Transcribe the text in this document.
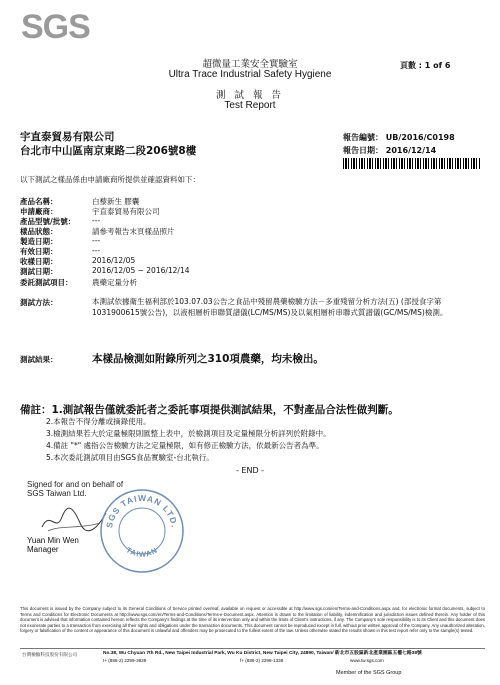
SGS
超微量工業安全實驗室
Ultra Trace Industrial Safety Hygiene
測 試 報 告
Test Report
頁數 : 1 of 6
宇直泰貿易有限公司
台北市中山區南京東路二段206號8樓
報告編號： UB/2016/C0198
報告日期： 2016/12/14
以下測試之樣品係由申請廠商所提供並確認資料如下：
產品名稱：	白藜新生 膠囊
申請廠商：	宇直泰貿易有限公司
產品型號/批號： ---
樣品狀態：	請參考報告末頁樣品照片
製造日期：	---
有效日期：	---
收樣日期：	2016/12/05
測試日期：	2016/12/05 ~ 2016/12/14
委託測試項目：	農藥定量分析
測試方法：	本測試依據衛生福利部於103.07.03公告之食品中殘留農藥檢驗方法－多重殘留分析方法(五) (部授食字第1031900615號公告)，以液相層析串聯質譜儀(LC/MS/MS)及以氣相層析串聯式質譜儀(GC/MS/MS)檢測。
測試結果：	本樣品檢測如附錄所列之310項農藥，均未檢出。
備註：1.測試報告僅就委託者之委託事項提供測試結果，不對產品合法性做判斷。
2.本報告不得分離或摘錄使用。
3.檢測結果若大於定量極限則匯整上表中，於檢測項目及定量極限分析詳列於附錄中。
4.備註 "*" 處指公告檢驗方法之定量極限，如有修正檢驗方法，依最新公告者為準。
5.本次委託測試項目由SGS食品實驗室-台北執行。
- END -
Signed for and on behalf of
SGS Taiwan Ltd.
Yuan Min Wen
Manager
SGS TAIWAN LTD.
TAIWAN
This document is issued by the Company subject to its General Conditions of Service printed overleaf, available on request or accessible at http://www.sgs.com/en/Terms-and-Conditions.aspx and, for electronic format documents, subject to Terms and Conditions for Electronic Documents at http://www.sgs.com/en/Terms-and-Conditions/Terms-e-Document.aspx. Attention is drawn to the limitation of liability, indemnification and jurisdiction issues defined therein. Any holder of this document is advised that information contained hereon reflects the Company's findings at the time of its intervention only and within the limits of Client's instructions, if any. The Company's sole responsibility is to its Client and this document does not exonerate parties to a transaction from exercising all their rights and obligations under the transaction documents. This document cannot be reproduced except in full, without prior written approval of the Company. Any unauthorized alteration, forgery or falsification of the content or appearance of this document is unlawful and offenders may be prosecuted to the fullest extent of the law. Unless otherwise stated the results shown in this test report refer only to the sample(s) tested.
台灣檢驗科技股份有限公司	No.38, Wu Chyuan 7th Rd., New Taipei Industrial Park, Wu Ku District, New Taipei City, 24890, Taiwan/ 新北市五股區新北產業園區五權七路38號
t+ (886-2) 2299-3939	f+ (886-2) 2298-1338	www.tw.sgs.com
Member of the SGS Group
